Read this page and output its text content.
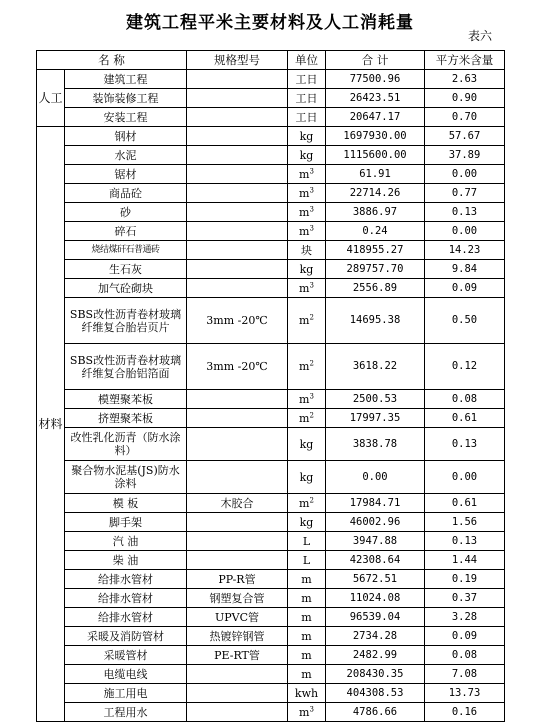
建筑工程平米主要材料及人工消耗量
表六
名 称		规格型号	单位	合 计	平方米含量
人工	建筑工程		工日	77500.96	2.63
	装饰装修工程		工日	26423.51	0.90
	安装工程		工日	20647.17	0.70
材料	钢材		kg	1697930.00	57.67
	水泥		kg	1115600.00	37.89
	锯材		$m^3$	61.91	0.00
	商品砼		$m^3$	22714.26	0.77
	砂		$m^3$	3886.97	0.13
	碎石		$m^3$	0.24	0.00
	烧结煤矸石普通砖		块	418955.27	14.23
	生石灰		kg	289757.70	9.84
	加气砼砌块		$m^3$	2556.89	0.09
	SBS改性沥青卷材玻璃纤维复合胎岩页片	3mm -20℃	$m^2$	14695.38	0.50
	SBS改性沥青卷材玻璃纤维复合胎铝箔面	3mm -20℃	$m^2$	3618.22	0.12
	模塑聚苯板		$m^3$	2500.53	0.08
	挤塑聚苯板		$m^2$	17997.35	0.61
	改性乳化沥青（防水涂料）		kg	3838.78	0.13
	聚合物水泥基(JS)防水涂料		kg	0.00	0.00
	模 板	木胶合	$m^2$	17984.71	0.61
	脚手架		kg	46002.96	1.56
	汽 油		L	3947.88	0.13
	柴 油		L	42308.64	1.44
	给排水管材	PP-R管	m	5672.51	0.19
	给排水管材	钢塑复合管	m	11024.08	0.37
	给排水管材	UPVC管	m	96539.04	3.28
	采暖及消防管材	热镀锌钢管	m	2734.28	0.09
	采暖管材	PE-RT管	m	2482.99	0.08
	电缆电线		m	208430.35	7.08
	施工用电		kwh	404308.53	13.73
	工程用水		$m^3$	4786.66	0.16
